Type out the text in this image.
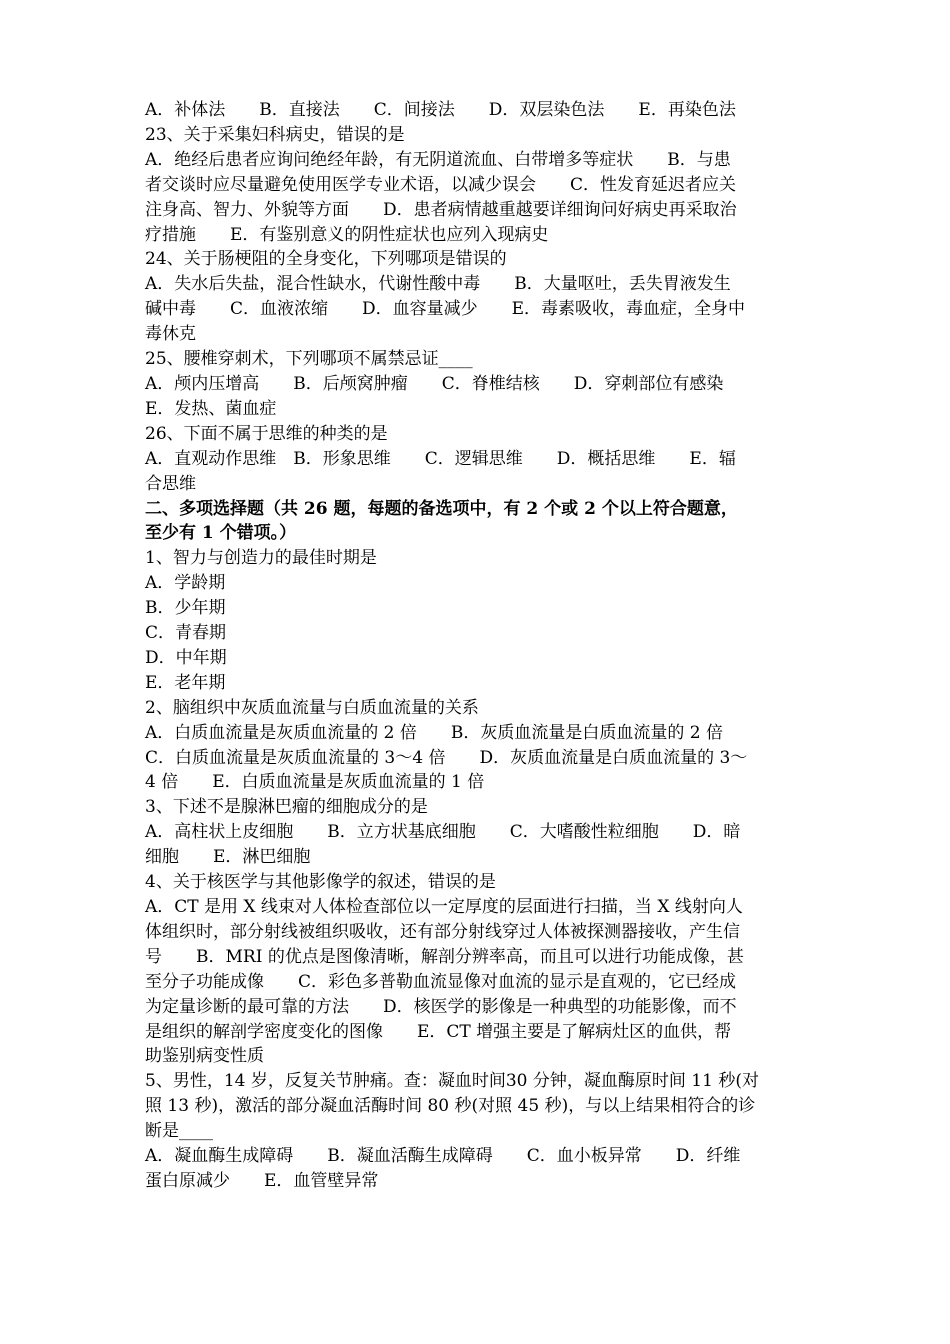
A．补体法　　B．直接法　　C．间接法　　D．双层染色法　　E．再染色法
23、关于采集妇科病史，错误的是
A．绝经后患者应询问绝经年龄，有无阴道流血、白带增多等症状　　B．与患
者交谈时应尽量避免使用医学专业术语，以减少误会　　C．性发育延迟者应关
注身高、智力、外貌等方面　　D．患者病情越重越要详细询问好病史再采取治
疗措施　　E．有鉴别意义的阴性症状也应列入现病史
24、关于肠梗阻的全身变化，下列哪项是错误的
A．失水后失盐，混合性缺水，代谢性酸中毒　　B．大量呕吐，丢失胃液发生
碱中毒　　C．血液浓缩　　D．血容量减少　　E．毒素吸收，毒血症，全身中
毒休克
25、腰椎穿刺术，下列哪项不属禁忌证____
A．颅内压增高　　B．后颅窝肿瘤　　C．脊椎结核　　D．穿刺部位有感染
E．发热、菌血症
26、下面不属于思维的种类的是
A．直观动作思维　B．形象思维　　C．逻辑思维　　D．概括思维　　E．辐
合思维
二、多项选择题（共 26 题，每题的备选项中，有 2 个或 2 个以上符合题意，
至少有 1 个错项。）
1、智力与创造力的最佳时期是
A．学龄期
B．少年期
C．青春期
D．中年期
E．老年期
2、脑组织中灰质血流量与白质血流量的关系
A．白质血流量是灰质血流量的 2 倍　　B．灰质血流量是白质血流量的 2 倍
C．白质血流量是灰质血流量的 3～4 倍　　D．灰质血流量是白质血流量的 3～
4 倍　　E．白质血流量是灰质血流量的 1 倍
3、下述不是腺淋巴瘤的细胞成分的是
A．高柱状上皮细胞　　B．立方状基底细胞　　C．大嗜酸性粒细胞　　D．暗
细胞　　E．淋巴细胞
4、关于核医学与其他影像学的叙述，错误的是
A．CT 是用 X 线束对人体检查部位以一定厚度的层面进行扫描，当 X 线射向人
体组织时，部分射线被组织吸收，还有部分射线穿过人体被探测器接收，产生信
号　　B．MRI 的优点是图像清晰，解剖分辨率高，而且可以进行功能成像，甚
至分子功能成像　　C．彩色多普勒血流显像对血流的显示是直观的，它已经成
为定量诊断的最可靠的方法　　D．核医学的影像是一种典型的功能影像，而不
是组织的解剖学密度变化的图像　　E．CT 增强主要是了解病灶区的血供，帮
助鉴别病变性质
5、男性，14 岁，反复关节肿痛。查：凝血时间30 分钟，凝血酶原时间 11 秒(对
照 13 秒)，激活的部分凝血活酶时间 80 秒(对照 45 秒)，与以上结果相符合的诊
断是____
A．凝血酶生成障碍　　B．凝血活酶生成障碍　　C．血小板异常　　D．纤维
蛋白原减少　　E．血管壁异常
